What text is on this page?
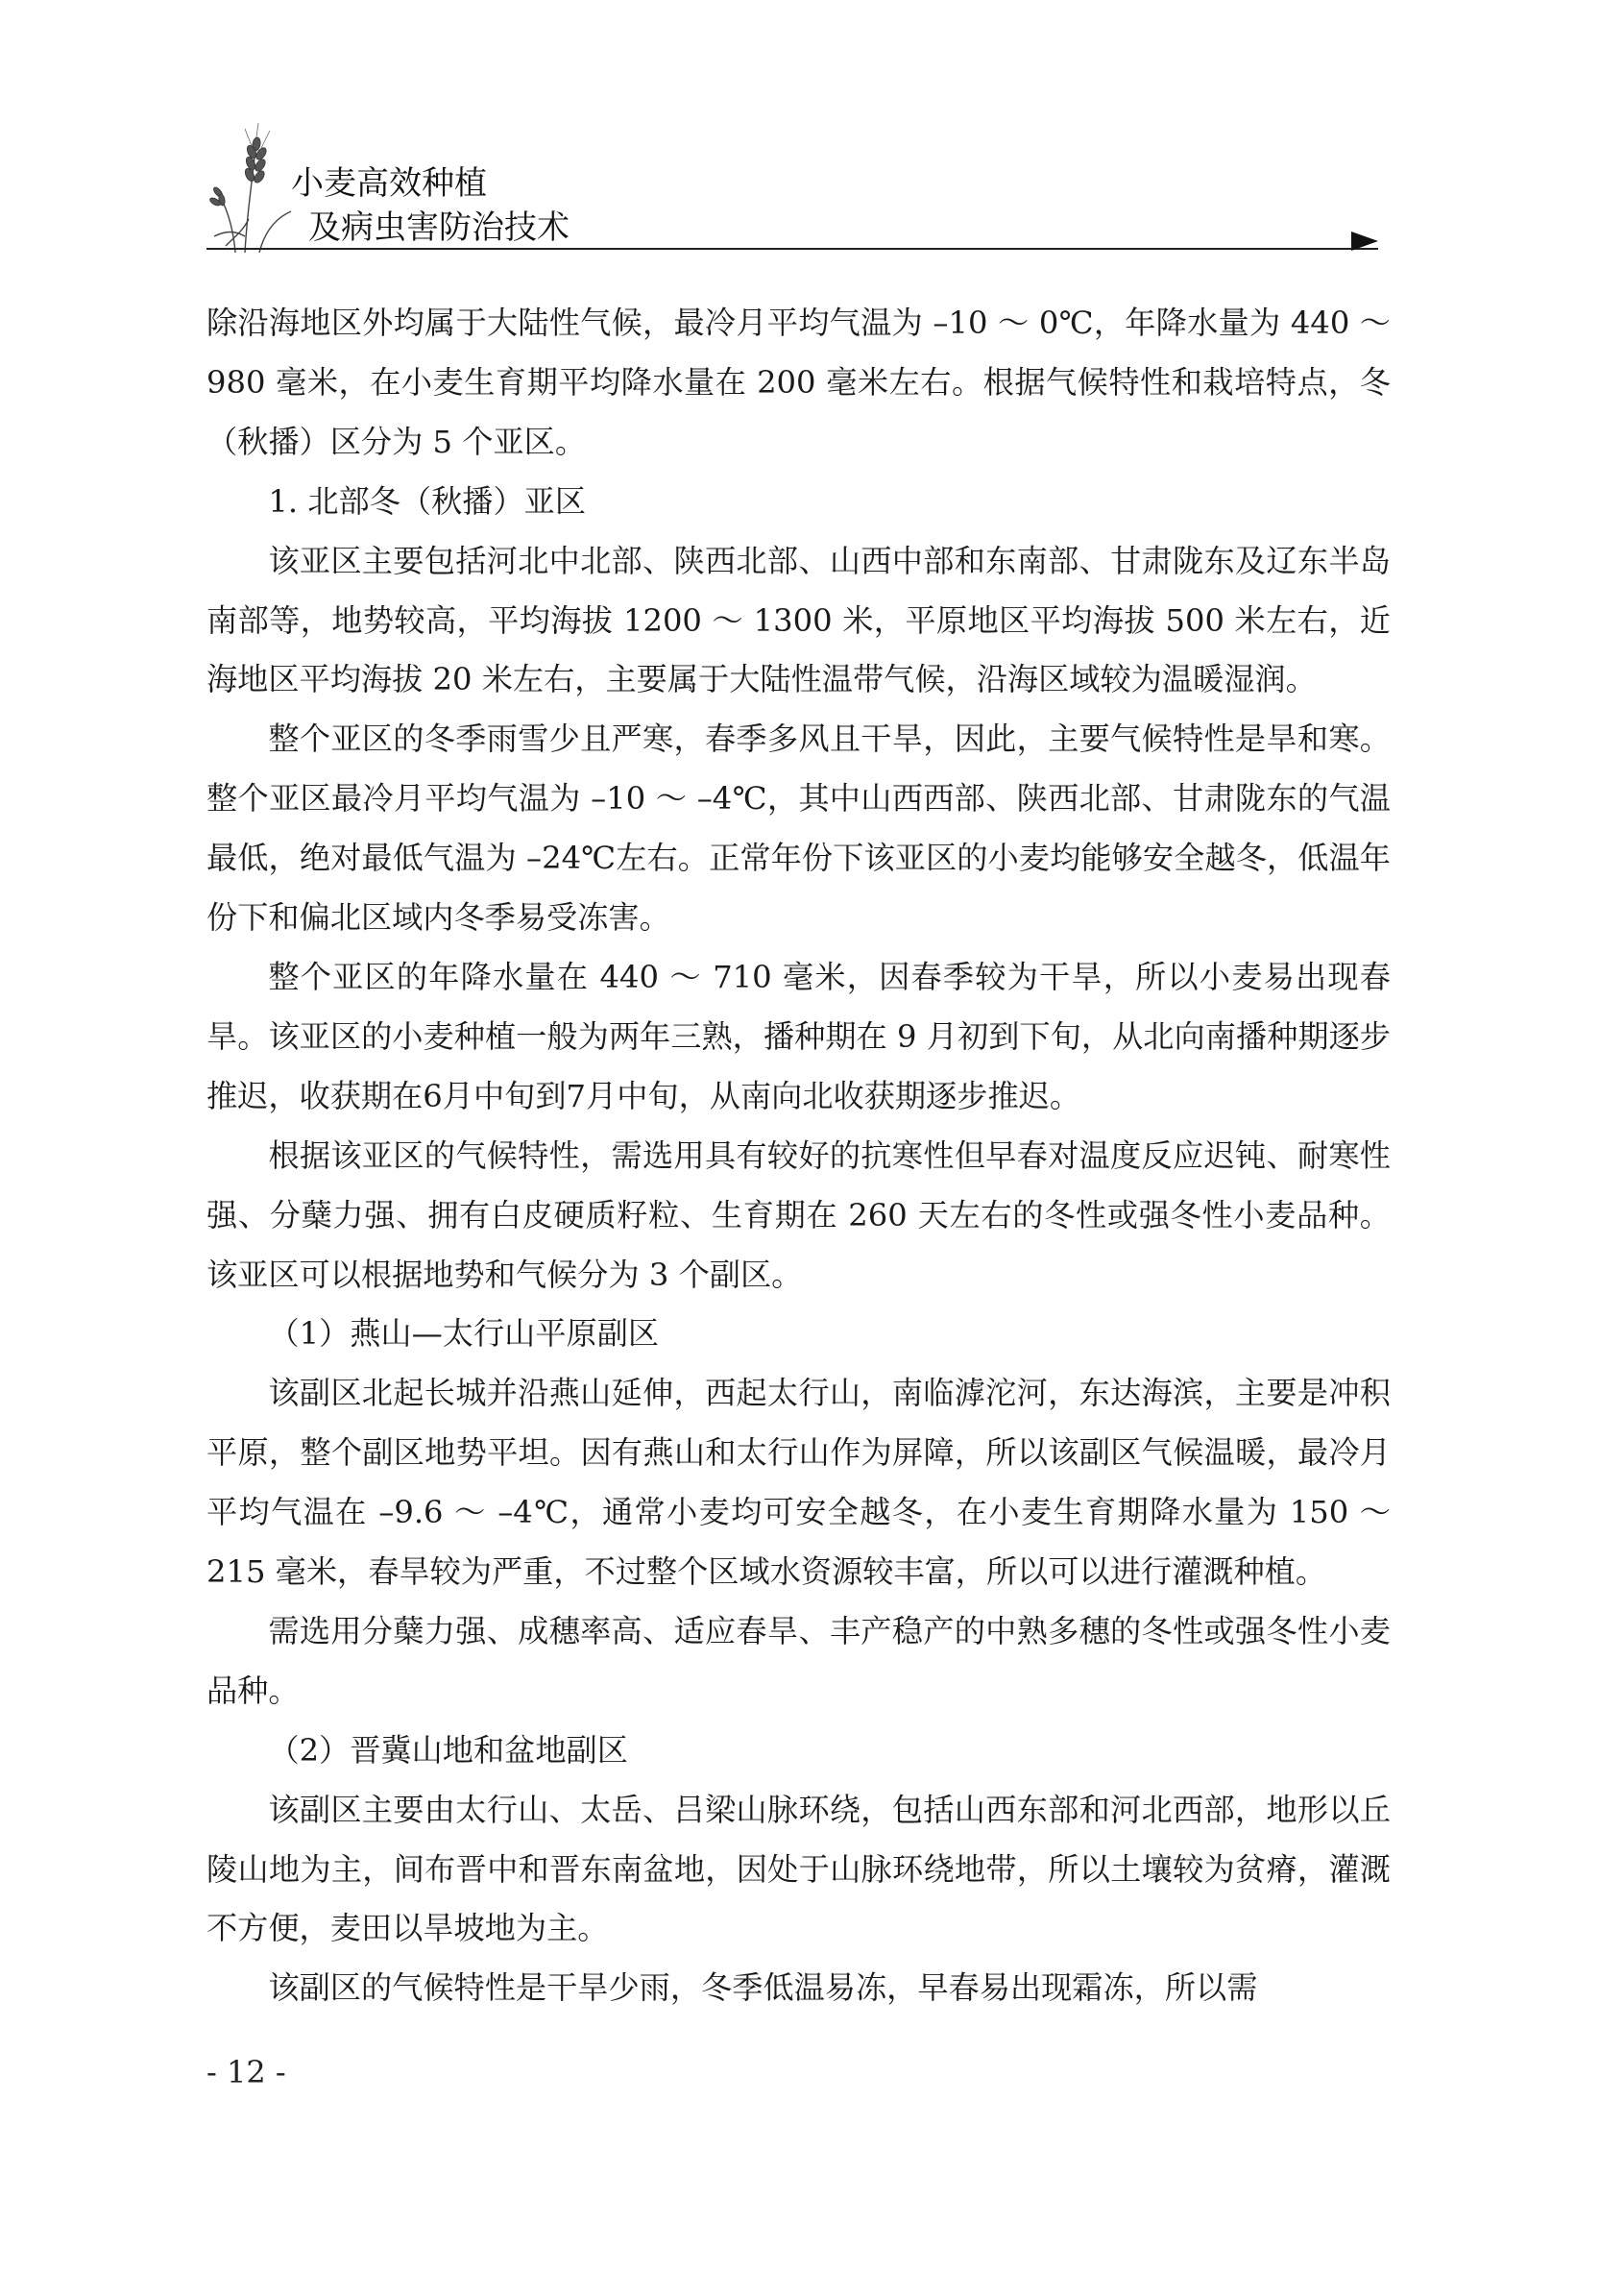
小麦高效种植
及病虫害防治技术

除沿海地区外均属于大陆性气候，最冷月平均气温为 –10 ～ 0℃，年降水量为 440 ～ 980 毫米，在小麦生育期平均降水量在 200 毫米左右。根据气候特性和栽培特点，冬（秋播）区分为 5 个亚区。

1. 北部冬（秋播）亚区

该亚区主要包括河北中北部、陕西北部、山西中部和东南部、甘肃陇东及辽东半岛南部等，地势较高，平均海拔 1200 ～ 1300 米，平原地区平均海拔 500 米左右，近海地区平均海拔 20 米左右，主要属于大陆性温带气候，沿海区域较为温暖湿润。

整个亚区的冬季雨雪少且严寒，春季多风且干旱，因此，主要气候特性是旱和寒。整个亚区最冷月平均气温为 –10 ～ –4℃，其中山西西部、陕西北部、甘肃陇东的气温最低，绝对最低气温为 –24℃左右。正常年份下该亚区的小麦均能够安全越冬，低温年份下和偏北区域内冬季易受冻害。

整个亚区的年降水量在 440 ～ 710 毫米，因春季较为干旱，所以小麦易出现春旱。该亚区的小麦种植一般为两年三熟，播种期在 9 月初到下旬，从北向南播种期逐步推迟，收获期在6月中旬到7月中旬，从南向北收获期逐步推迟。

根据该亚区的气候特性，需选用具有较好的抗寒性但早春对温度反应迟钝、耐寒性强、分蘖力强、拥有白皮硬质籽粒、生育期在 260 天左右的冬性或强冬性小麦品种。该亚区可以根据地势和气候分为 3 个副区。

（1）燕山—太行山平原副区

该副区北起长城并沿燕山延伸，西起太行山，南临滹沱河，东达海滨，主要是冲积平原，整个副区地势平坦。因有燕山和太行山作为屏障，所以该副区气候温暖，最冷月平均气温在 –9.6 ～ –4℃，通常小麦均可安全越冬，在小麦生育期降水量为 150 ～ 215 毫米，春旱较为严重，不过整个区域水资源较丰富，所以可以进行灌溉种植。

需选用分蘖力强、成穗率高、适应春旱、丰产稳产的中熟多穗的冬性或强冬性小麦品种。

（2）晋冀山地和盆地副区

该副区主要由太行山、太岳、吕梁山脉环绕，包括山西东部和河北西部，地形以丘陵山地为主，间布晋中和晋东南盆地，因处于山脉环绕地带，所以土壤较为贫瘠，灌溉不方便，麦田以旱坡地为主。

该副区的气候特性是干旱少雨，冬季低温易冻，早春易出现霜冻，所以需

- 12 -
